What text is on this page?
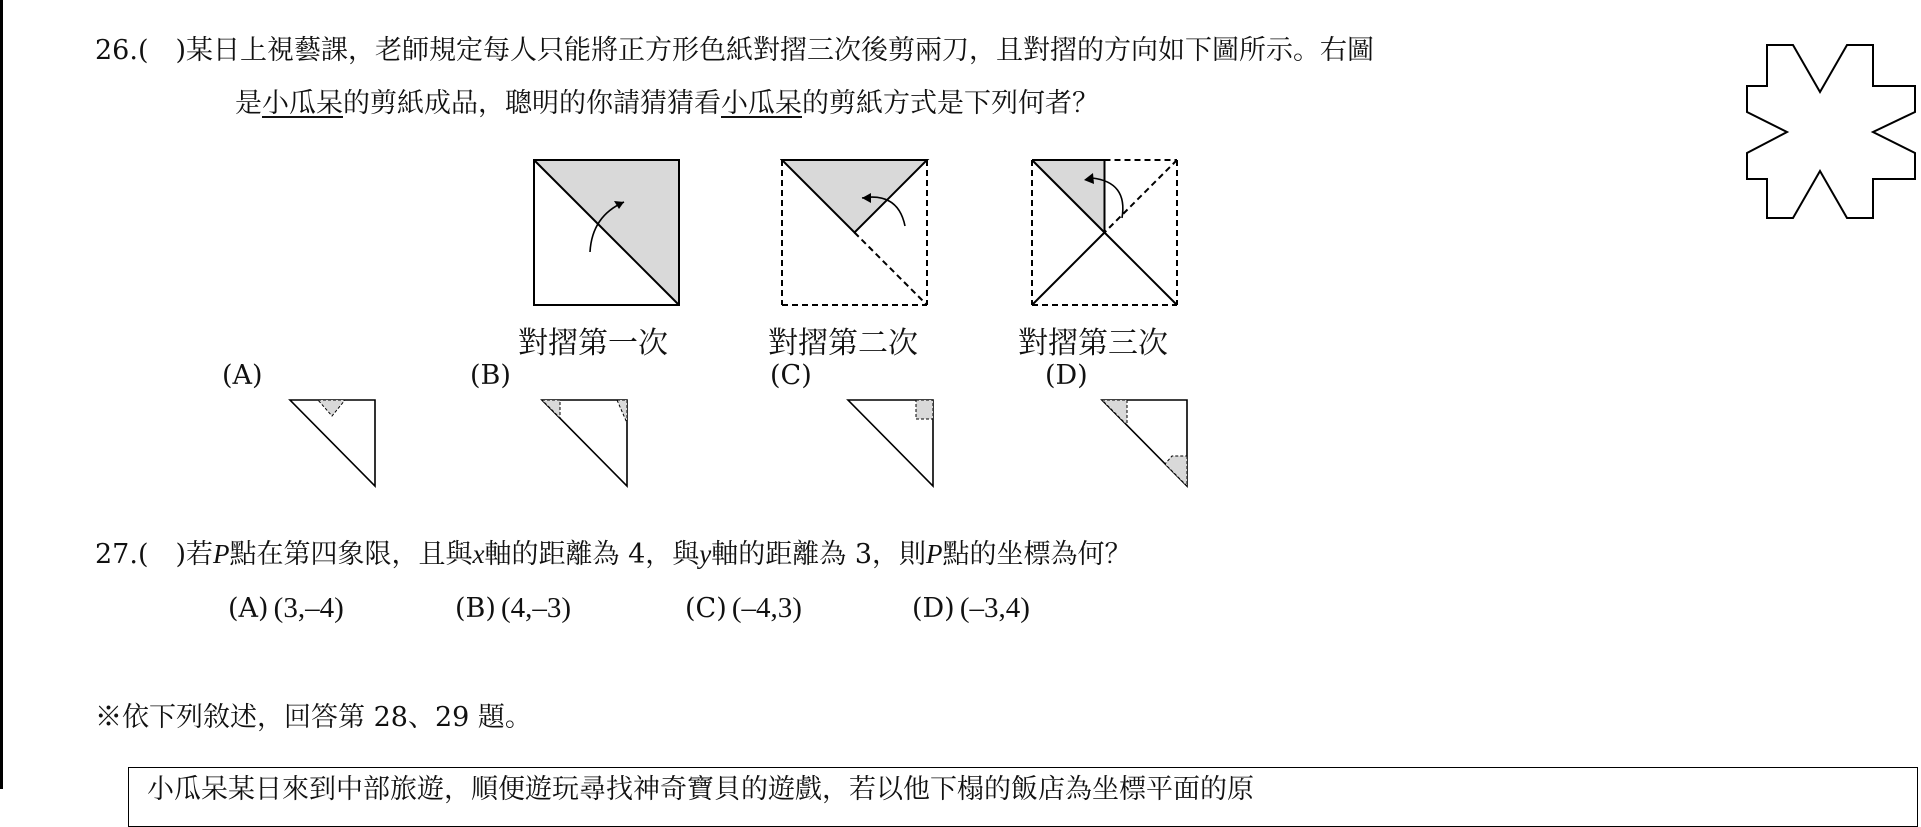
26.(　)某日上視藝課，老師規定每人只能將正方形色紙對摺三次後剪兩刀，且對摺的方向如下圖所示。右圖
是小瓜呆的剪紙成品，聰明的你請猜猜看小瓜呆的剪紙方式是下列何者？
對摺第一次	對摺第二次	對摺第三次
(A)	(B)	(C)	(D)
27.(　)若P點在第四象限，且與x軸的距離為 4，與y軸的距離為 3，則P點的坐標為何？
(A) (3,–4)	(B) (4,–3)	(C) (–4,3)	(D) (–3,4)
※依下列敘述，回答第 28、29 題。
小瓜呆某日來到中部旅遊，順便遊玩尋找神奇寶貝的遊戲，若以他下榻的飯店為坐標平面的原
